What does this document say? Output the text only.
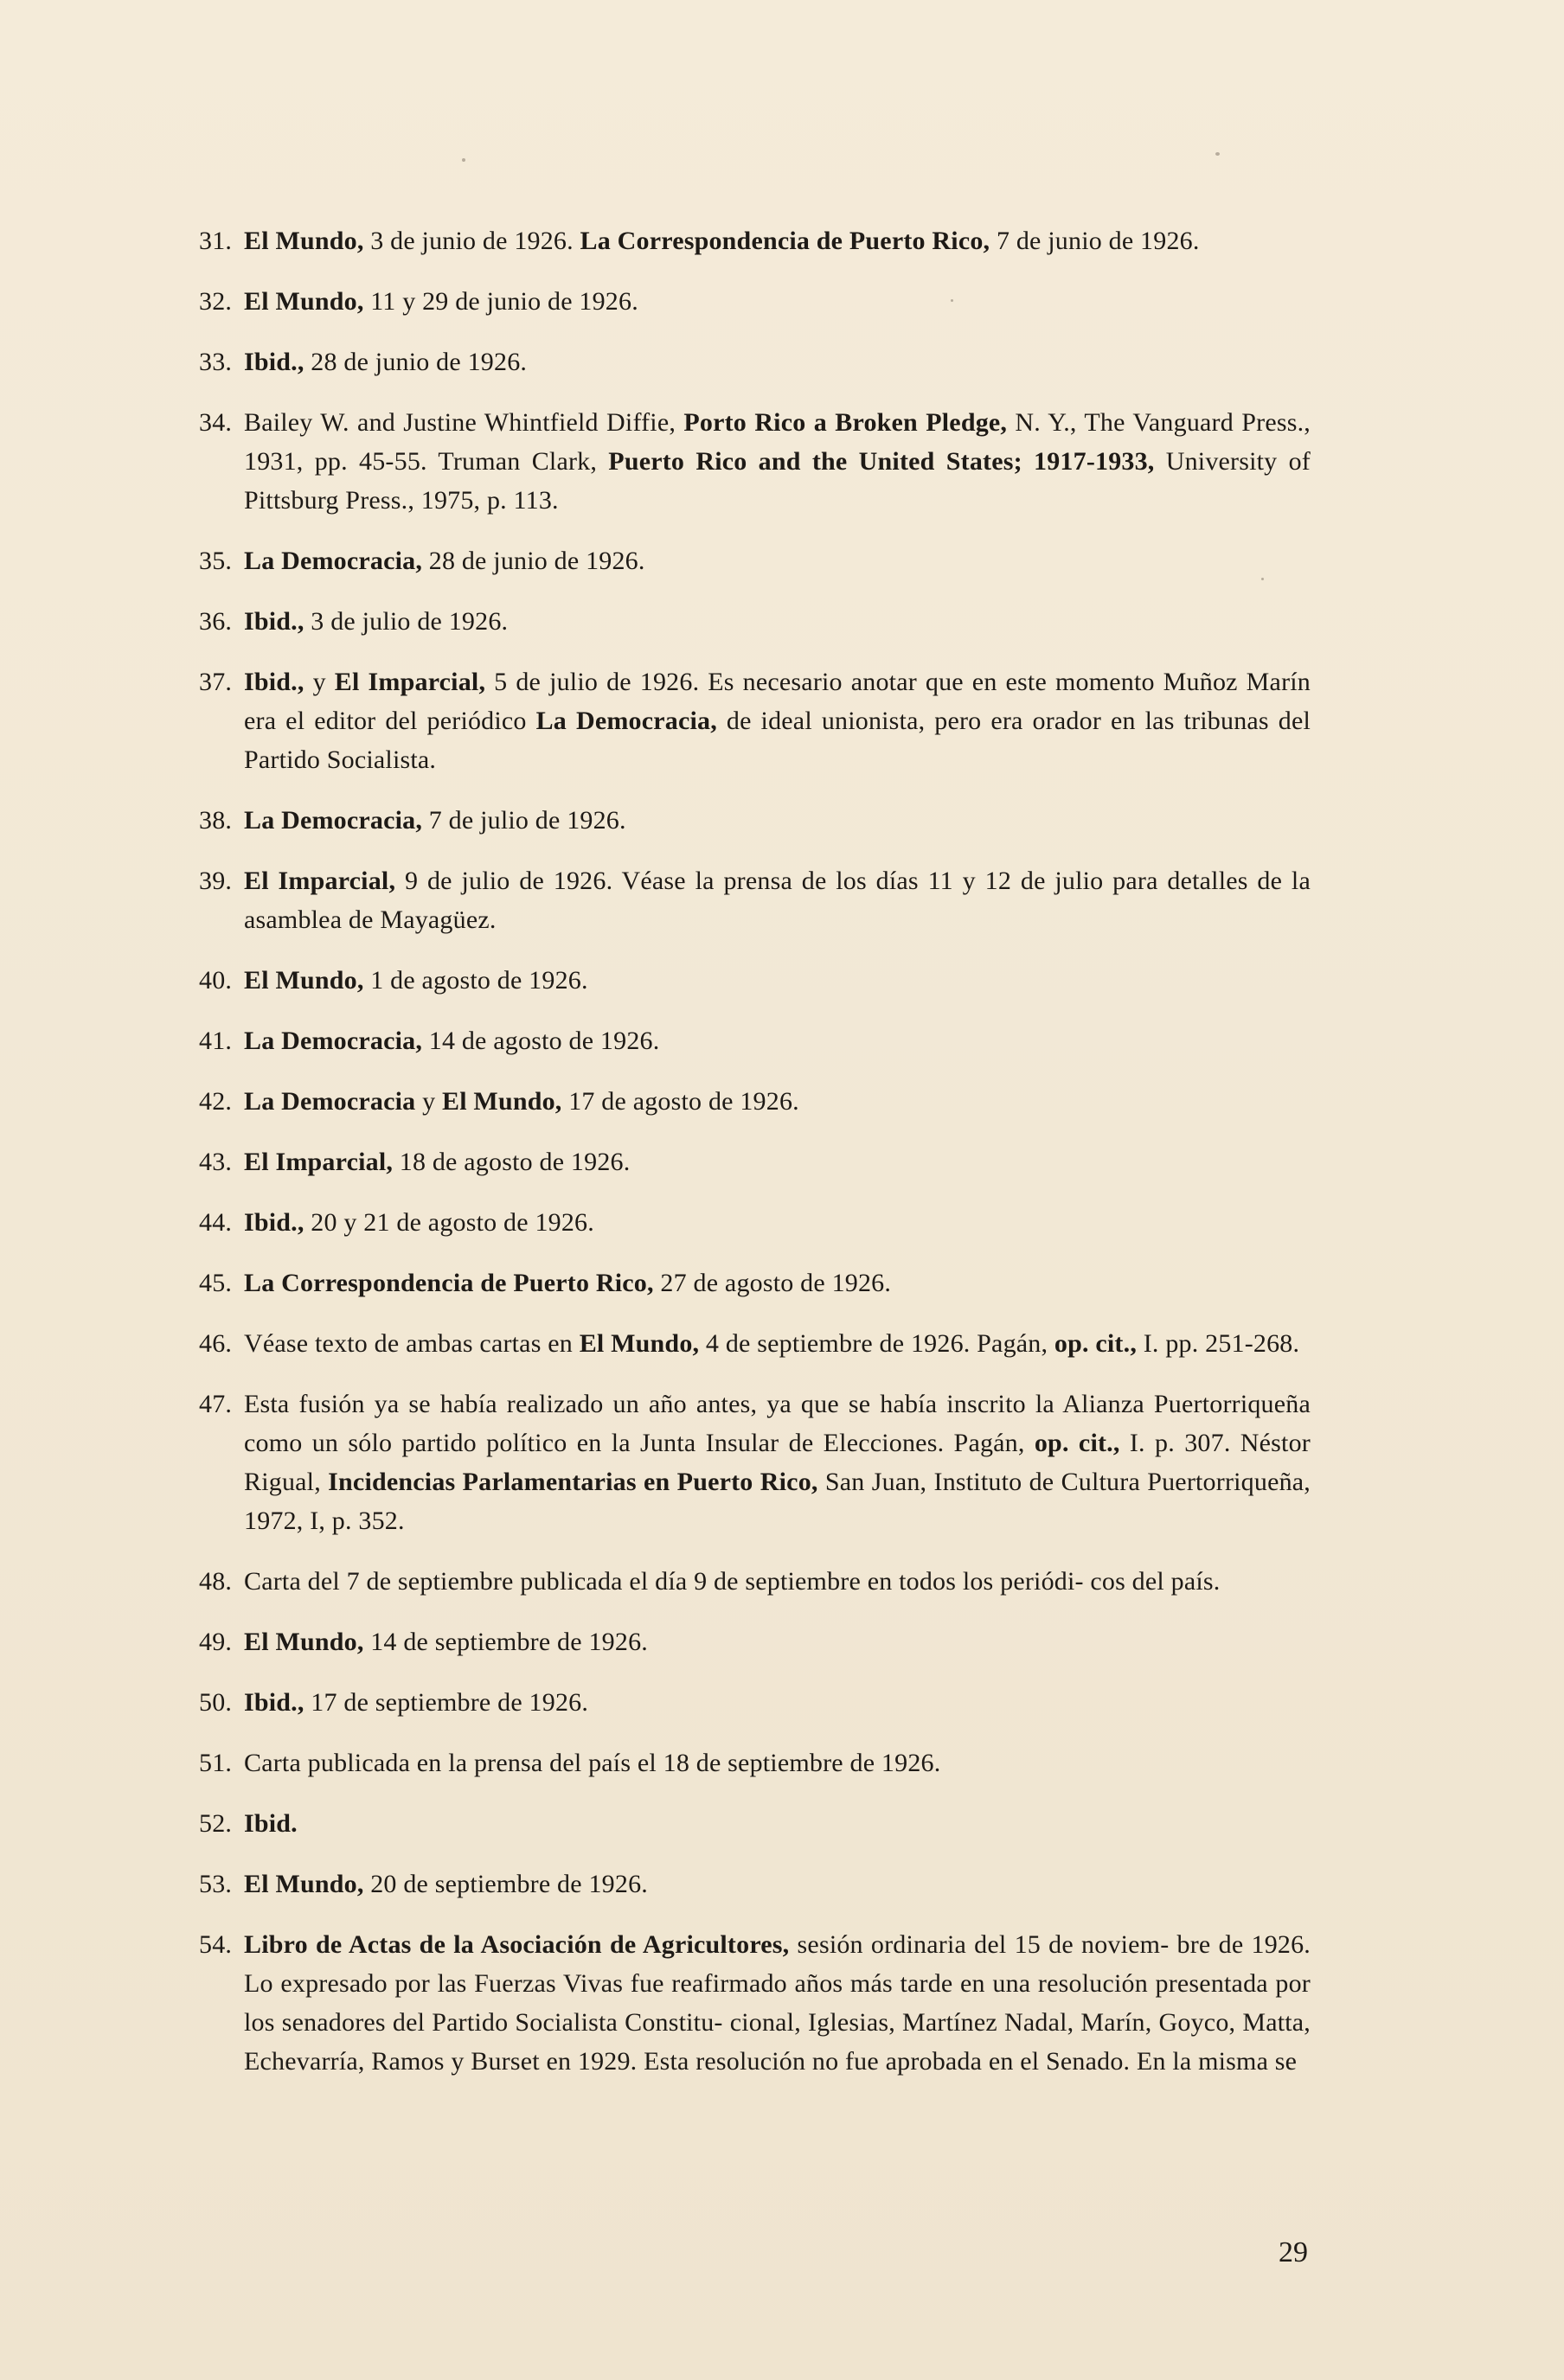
31. El Mundo, 3 de junio de 1926. La Correspondencia de Puerto Rico, 7 de junio de 1926.
32. El Mundo, 11 y 29 de junio de 1926.
33. Ibid., 28 de junio de 1926.
34. Bailey W. and Justine Whintfield Diffie, Porto Rico a Broken Pledge, N. Y., The Vanguard Press., 1931, pp. 45-55. Truman Clark, Puerto Rico and the United States; 1917-1933, University of Pittsburg Press., 1975, p. 113.
35. La Democracia, 28 de junio de 1926.
36. Ibid., 3 de julio de 1926.
37. Ibid., y El Imparcial, 5 de julio de 1926. Es necesario anotar que en este momento Muñoz Marín era el editor del periódico La Democracia, de ideal unionista, pero era orador en las tribunas del Partido Socialista.
38. La Democracia, 7 de julio de 1926.
39. El Imparcial, 9 de julio de 1926. Véase la prensa de los días 11 y 12 de julio para detalles de la asamblea de Mayagüez.
40. El Mundo, 1 de agosto de 1926.
41. La Democracia, 14 de agosto de 1926.
42. La Democracia y El Mundo, 17 de agosto de 1926.
43. El Imparcial, 18 de agosto de 1926.
44. Ibid., 20 y 21 de agosto de 1926.
45. La Correspondencia de Puerto Rico, 27 de agosto de 1926.
46. Véase texto de ambas cartas en El Mundo, 4 de septiembre de 1926. Pagán, op. cit., I. pp. 251-268.
47. Esta fusión ya se había realizado un año antes, ya que se había inscrito la Alianza Puertorriqueña como un sólo partido político en la Junta Insular de Elecciones. Pagán, op. cit., I. p. 307. Néstor Rigual, Incidencias Parlamentarias en Puerto Rico, San Juan, Instituto de Cultura Puertorriqueña, 1972, I, p. 352.
48. Carta del 7 de septiembre publicada el día 9 de septiembre en todos los periódi- cos del país.
49. El Mundo, 14 de septiembre de 1926.
50. Ibid., 17 de septiembre de 1926.
51. Carta publicada en la prensa del país el 18 de septiembre de 1926.
52. Ibid.
53. El Mundo, 20 de septiembre de 1926.
54. Libro de Actas de la Asociación de Agricultores, sesión ordinaria del 15 de noviem- bre de 1926. Lo expresado por las Fuerzas Vivas fue reafirmado años más tarde en una resolución presentada por los senadores del Partido Socialista Constitu- cional, Iglesias, Martínez Nadal, Marín, Goyco, Matta, Echevarría, Ramos y Burset en 1929. Esta resolución no fue aprobada en el Senado. En la misma se
29
